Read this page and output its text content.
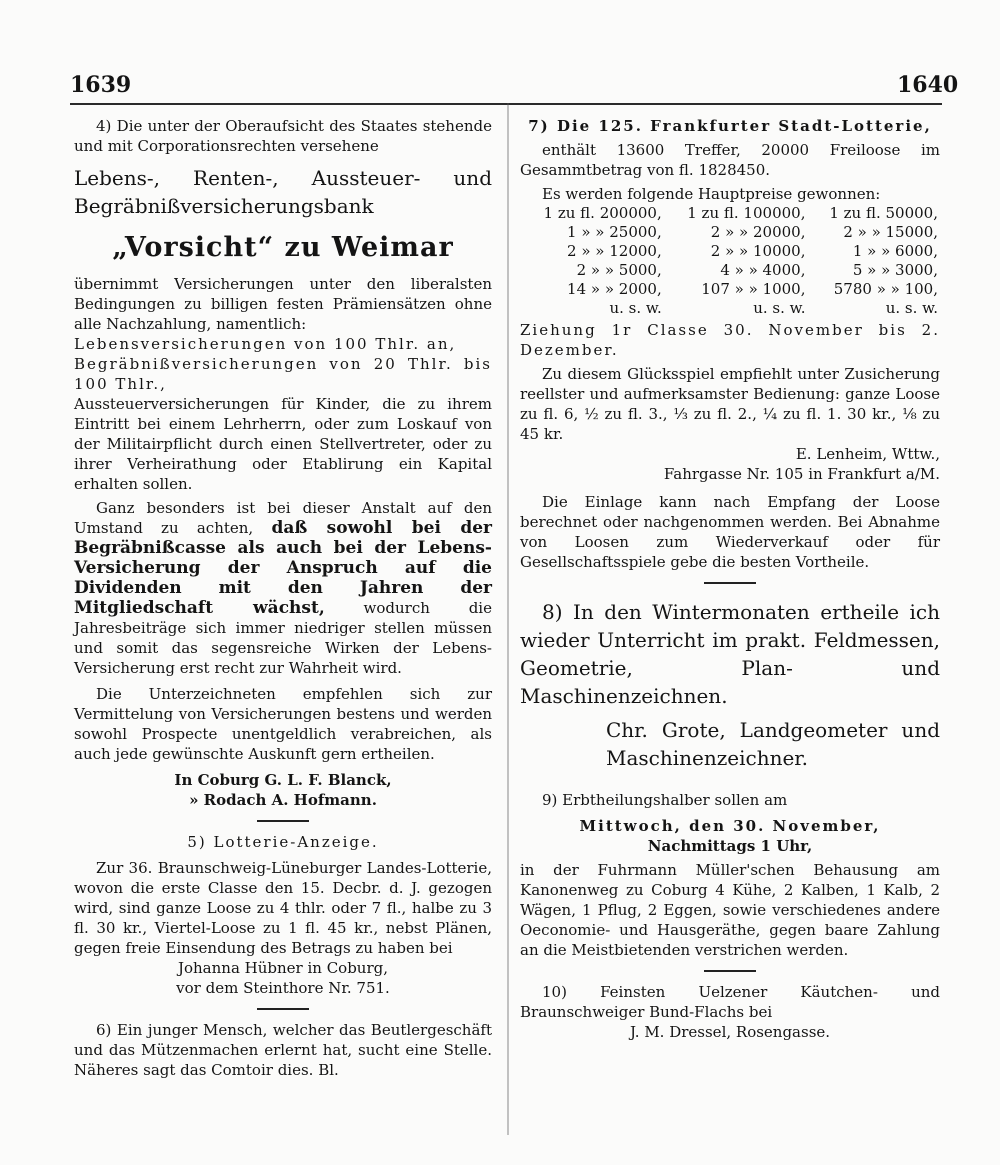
1639	1640

4) Die unter der Oberaufsicht des Staates stehende und mit Corporationsrechten versehene

Lebens-, Renten-, Aussteuer- und Begräbnißversicherungsbank

„Vorsicht“ zu Weimar

übernimmt Versicherungen unter den liberalsten Bedingungen zu billigen festen Prämiensätzen ohne alle Nachzahlung, namentlich:

Lebensversicherungen von 100 Thlr. an,

Begräbnißversicherungen von 20 Thlr. bis 100 Thlr.,

Aussteuerversicherungen für Kinder, die zu ihrem Eintritt bei einem Lehrherrn, oder zum Loskauf von der Militairpflicht durch einen Stellvertreter, oder zu ihrer Verheirathung oder Etablirung ein Kapital erhalten sollen.

Ganz besonders ist bei dieser Anstalt auf den Umstand zu achten, daß sowohl bei der Begräbnißcasse als auch bei der Lebens-Versicherung der Anspruch auf die Dividenden mit den Jahren der Mitgliedschaft wächst,	wodurch die Jahresbeiträge sich immer niedriger stellen müssen und somit das segensreiche Wirken der Lebens-Versicherung erst recht zur Wahrheit wird.

Die Unterzeichneten empfehlen sich zur Vermittelung von Versicherungen bestens und werden sowohl Prospecte unentgeldlich verabreichen, als auch jede gewünschte Auskunft gern ertheilen.

In Coburg G. L. F. Blanck,

» Rodach A. Hofmann.

5) Lotterie-Anzeige.

Zur 36. Braunschweig-Lüneburger Landes-Lotterie, wovon die erste Classe den 15. Decbr. d. J. gezogen wird, sind ganze Loose zu 4 thlr. oder 7 fl., halbe zu 3 fl. 30 kr., Viertel-Loose zu 1 fl. 45 kr., nebst Plänen, gegen freie Einsendung des Betrags zu haben bei

Johanna Hübner in Coburg,

vor dem Steinthore Nr. 751.

6) Ein junger Mensch, welcher das Beutlergeschäft und das Mützenmachen erlernt hat, sucht eine Stelle. Näheres sagt das Comtoir dies. Bl.

7) Die 125. Frankfurter Stadt-Lotterie,

enthält 13600 Treffer, 20000 Freiloose im Gesammtbetrag von fl. 1828450.

Es werden folgende Hauptpreise gewonnen:

1 zu fl. 200000,	1 zu fl. 100000,	1 zu fl. 50000,
1 » » 25000,	2 » » 20000,	2 » » 15000,
2 » » 12000,	2 » » 10000,	1 » » 6000,
2 » » 5000,	4 » » 4000,	5 » » 3000,
14 » » 2000,	107 » » 1000,	5780 » » 100,
u. s. w.	u. s. w.	u. s. w.

Ziehung 1r Classe 30. November bis 2. Dezember.

Zu diesem Glücksspiel empfiehlt unter Zusicherung reellster und aufmerksamster Bedienung: ganze Loose zu fl. 6, ½ zu fl. 3., ⅓ zu fl. 2., ¼ zu fl. 1. 30 kr., ⅛ zu 45 kr.

E. Lenheim, Wttw.,

Fahrgasse Nr. 105 in Frankfurt a/M.

Die Einlage kann nach Empfang der Loose berechnet oder nachgenommen werden. Bei Abnahme von Loosen zum Wiederverkauf oder für Gesellschaftsspiele gebe die besten Vortheile.

8) In den Wintermonaten ertheile ich wieder Unterricht im prakt. Feldmessen, Geometrie, Plan- und Maschinenzeichnen.

Chr. Grote, Landgeometer und Maschinenzeichner.

9) Erbtheilungshalber sollen am

Mittwoch, den 30. November,

Nachmittags 1 Uhr,

in der Fuhrmann Müller'schen Behausung am Kanonenweg zu Coburg 4 Kühe, 2 Kalben, 1 Kalb, 2 Wägen, 1 Pflug, 2 Eggen, sowie verschiedenes andere Oeconomie- und Hausgeräthe, gegen baare Zahlung an die Meistbietenden verstrichen werden.

10) Feinsten Uelzener Käutchen- und Braunschweiger Bund-Flachs bei

J. M. Dressel, Rosengasse.
